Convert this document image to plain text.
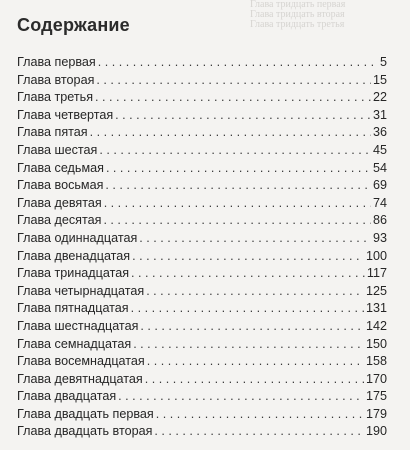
Глава тридцать первая
Глава тридцать вторая
Глава тридцать третья
Содержание
Глава первая . . .	5
Глава вторая . . .	15
Глава третья . . .	22
Глава четвертая . . .	31
Глава пятая . . .	36
Глава шестая . . .	45
Глава седьмая . . .	54
Глава восьмая . . .	69
Глава девятая . . .	74
Глава десятая . . .	86
Глава одиннадцатая . . .	93
Глава двенадцатая . . .	100
Глава тринадцатая . . .	117
Глава четырнадцатая . . .	125
Глава пятнадцатая . . .	131
Глава шестнадцатая . . .	142
Глава семнадцатая . . .	150
Глава восемнадцатая . . .	158
Глава девятнадцатая . . .	170
Глава двадцатая . . .	175
Глава двадцать первая . . .	179
Глава двадцать вторая . . .	190
